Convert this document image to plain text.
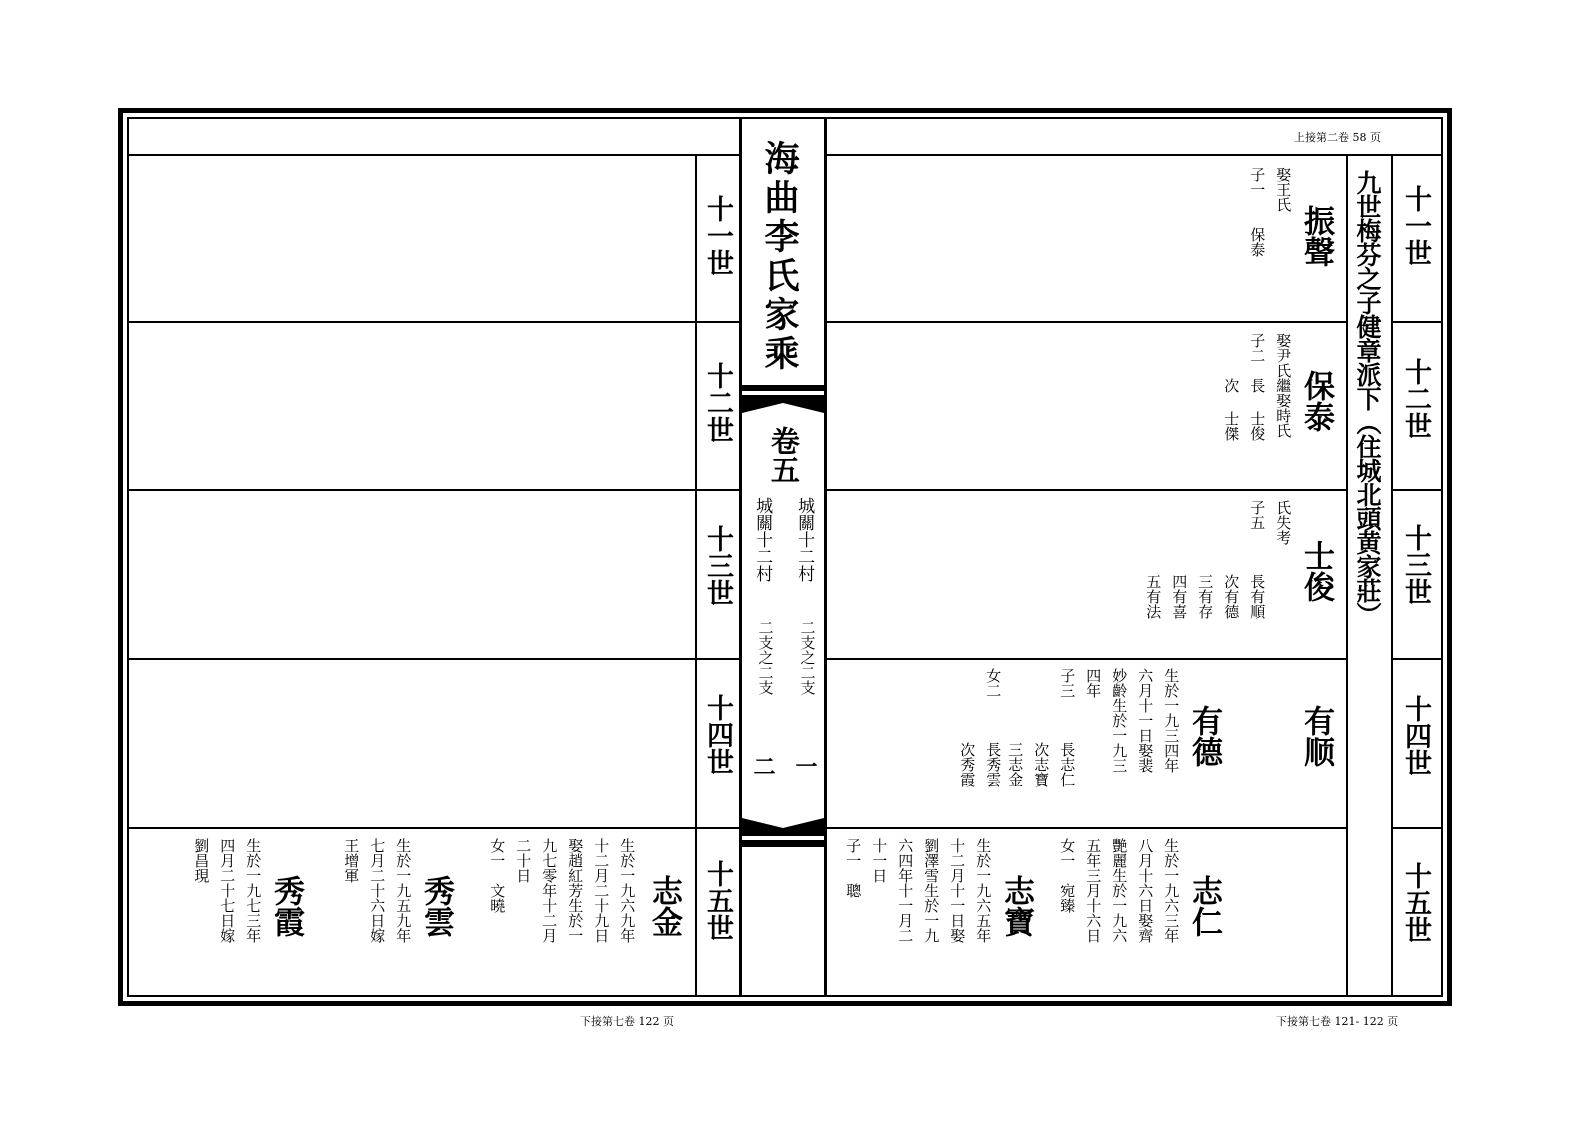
海曲李氏家乘
卷五
城關十二村
城關十二村
二支之二支
二支之二支
一
二
上接第二卷 58 页
下接第七卷 122 页	下接第七卷 121- 122 页
九世梅芬之子健章派下（住城北頭黄家莊） 十一世
十二世
十三世
十四世
十五世
十一世
十二世
十三世
十四世
十五世
振聲
娶王氏
子一　　保泰
保泰
娶尹氏繼娶時氏
子二　長 士俊
　　　次 士傑
士俊
氏失考
子五
長有順
次有德
三有存
四有喜
五有法
有顺
有德
生於一九三四年
六月十一日娶裴
妙齡生於一九三
四年
子三
長志仁
次志寶
三志金
女二
長秀雲
次秀霞
志仁
生於一九六三年
八月十六日娶齊
艷麗生於一九六
五年三月十六日
女一　宛臻
志寶
生於一九六五年
十二月十一日娶
劉澤雪生於一九
六四年十一月二
十一日
子一　聰
志金
生於一九六九年
十二月二十九日
娶趙紅芳生於一
九七零年十二月
二十日
女一　文曉
秀雲
生於一九五九年
七月二十六日嫁
王增軍
秀霞
生於一九七三年
四月二十七日嫁
劉昌現
